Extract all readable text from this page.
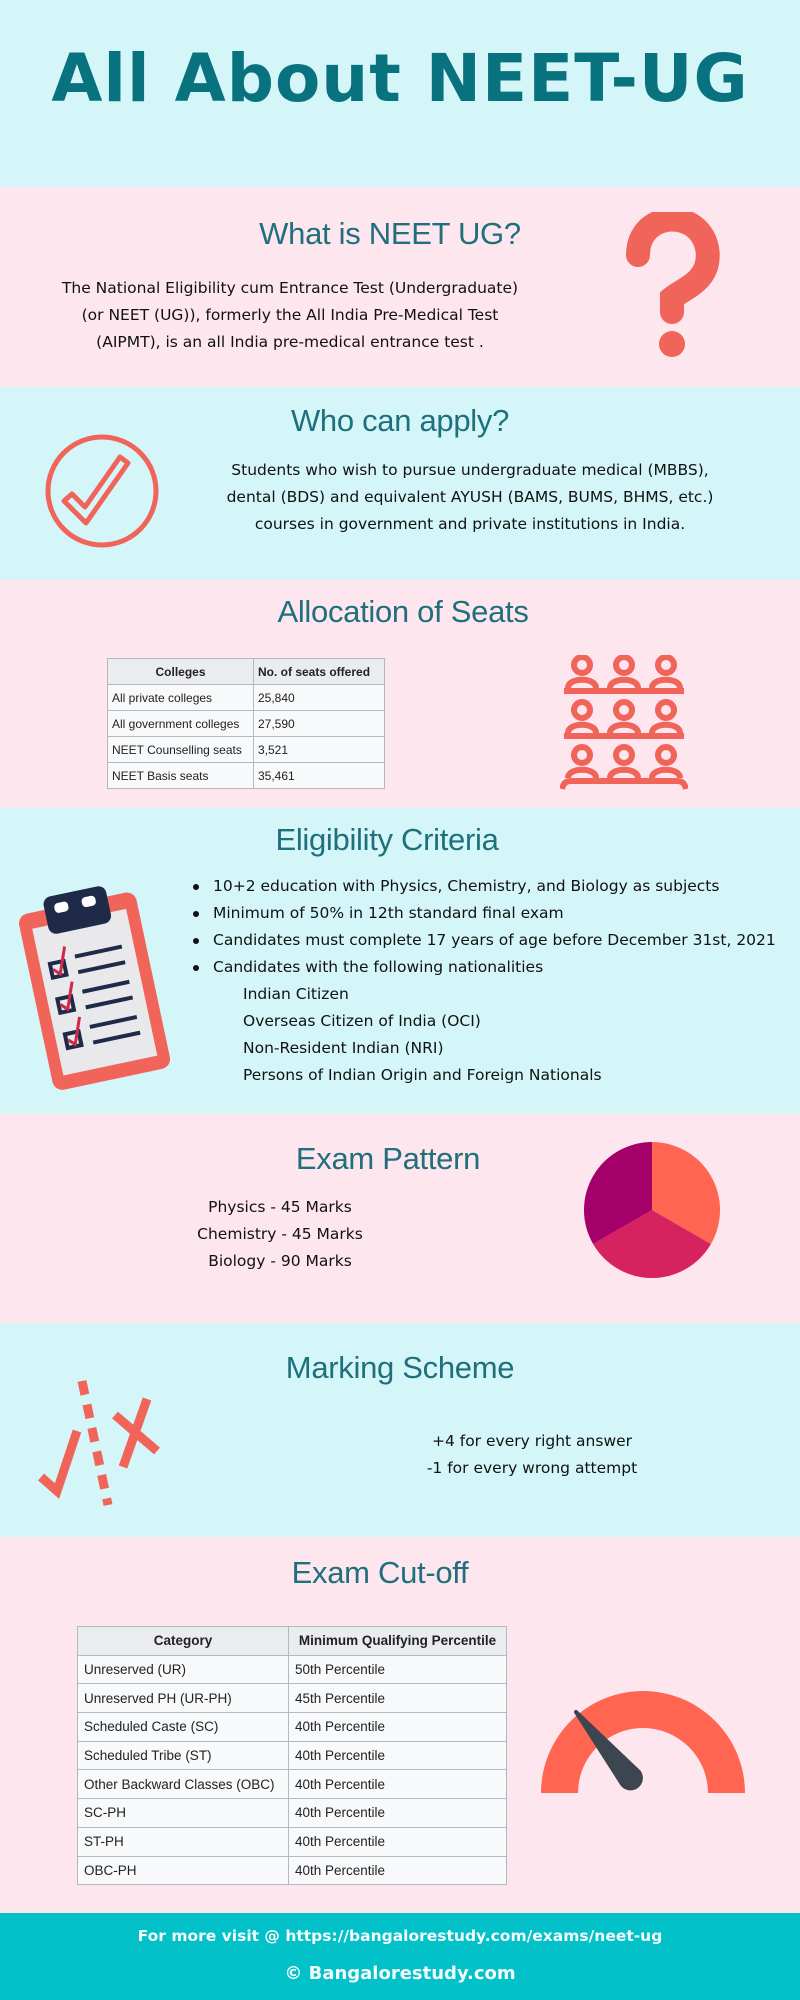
All About NEET-UG
What is NEET UG?
The National Eligibility cum Entrance Test (Undergraduate)
(or NEET (UG)), formerly the All India Pre-Medical Test
(AIPMT), is an all India pre-medical entrance test .
Who can apply?
Students who wish to pursue undergraduate medical (MBBS),
dental (BDS) and equivalent AYUSH (BAMS, BUMS, BHMS, etc.)
courses in government and private institutions in India.
Allocation of Seats
Colleges	No. of seats offered
All private colleges	25,840
All government colleges	27,590
NEET Counselling seats	3,521
NEET Basis seats	35,461
Eligibility Criteria
10+2 education with Physics, Chemistry, and Biology as subjects
Minimum of 50% in 12th standard final exam
Candidates must complete 17 years of age before December 31st, 2021
Candidates with the following nationalities
Indian Citizen
Overseas Citizen of India (OCI)
Non-Resident Indian (NRI)
Persons of Indian Origin and Foreign Nationals
Exam Pattern
Physics - 45 Marks
Chemistry - 45 Marks
Biology - 90 Marks
Marking Scheme
+4 for every right answer
-1 for every wrong attempt
Exam Cut-off
Category	Minimum Qualifying Percentile
Unreserved (UR)	50th Percentile
Unreserved PH (UR-PH)	45th Percentile
Scheduled Caste (SC)	40th Percentile
Scheduled Tribe (ST)	40th Percentile
Other Backward Classes (OBC)	40th Percentile
SC-PH	40th Percentile
ST-PH	40th Percentile
OBC-PH	40th Percentile
For more visit @ https://bangalorestudy.com/exams/neet-ug
© Bangalorestudy.com
